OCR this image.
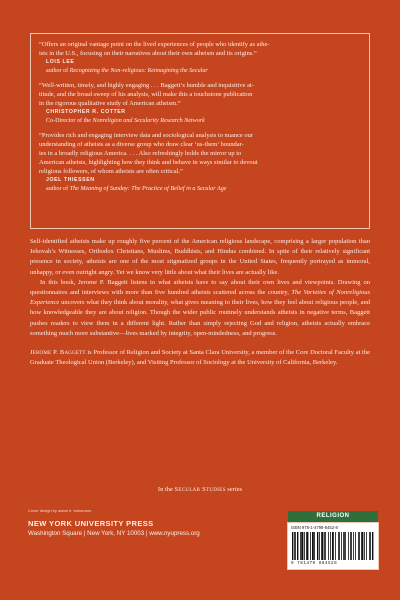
“Offers an original vantage point on the lived experiences of people who identify as athe-
ists in the U.S., focusing on their narratives about their own atheism and its origins.”
LOIS LEE
author of Recognizing the Non-religious: Reimagining the Secular
“Well-written, timely, and highly engaging . . . Baggett’s humble and inquisitive at-
titude, and the broad sweep of his analysis, will make this a touchstone publication
in the rigorous qualitative study of American atheism.”
CHRISTOPHER R. COTTER
Co-Director of the Nonreligion and Secularity Research Network
“Provides rich and engaging interview data and sociological analysis to nuance our
understanding of atheists as a diverse group who draw clear ‘us-them’ boundar-
ies in a broadly religious America. . . . Also refreshingly holds the mirror up to
American atheists, highlighting how they think and behave in ways similar to devout
religious followers, of whom atheists are often critical.”
JOEL THIESSEN
author of The Meaning of Sunday: The Practice of Belief in a Secular Age

Self-identified atheists make up roughly five percent of the American religious landscape, comprising a larger population than Jehovah’s Witnesses, Orthodox Christians, Muslims, Buddhists, and Hindus combined. In spite of their relatively significant presence in society, atheists are one of the most stigmatized groups in the United States, frequently portrayed as immoral, unhappy, or even outright angry. Yet we know very little about what their lives are actually like.

In this book, Jerome P. Baggett listens to what atheists have to say about their own lives and viewpoints. Drawing on questionnaires and interviews with more than five hundred atheists scattered across the country, The Varieties of Nonreligious Experience uncovers what they think about morality, what gives meaning to their lives, how they feel about religious people, and how knowledgeable they are about religion. Though the wider public routinely understands atheists in negative terms, Baggett pushes readers to view them in a different light. Rather than simply rejecting God and religion, atheists actually embrace something much more substantive—lives marked by integrity, open-mindedness, and progress.

Jerome P. Baggett is Professor of Religion and Society at Santa Clara University, a member of the Core Doctoral Faculty at the Graduate Theological Union (Berkeley), and Visiting Professor of Sociology at the University of California, Berkeley.

In the Secular Studies series
Cover design by adam b. bohannon
NEW YORK UNIVERSITY PRESS
Washington Square | New York, NY 10003 | www.nyupress.org
RELIGION
ISBN 978-1-4798-8452-8
9 781479 884528
